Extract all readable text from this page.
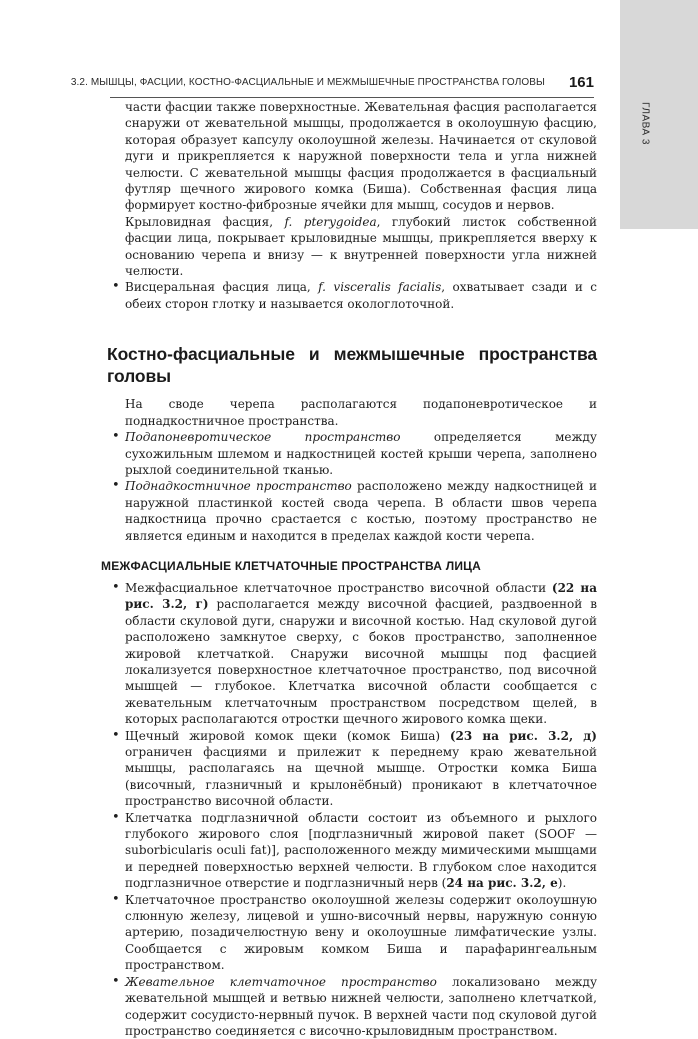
ГЛАВА 3
3.2. МЫШЦЫ, ФАСЦИИ, КОСТНО-ФАСЦИАЛЬНЫЕ И МЕЖМЫШЕЧНЫЕ ПРОСТРАНСТВА ГОЛОВЫ 161

части фасции также поверхностные. Жевательная фасция располагается снаружи от жевательной мышцы, продолжается в околоушную фасцию, которая образует капсулу околоушной железы. Начинается от скуловой дуги и прикрепляется к наружной поверхности тела и угла нижней челюсти. С жевательной мышцы фасция продолжается в фасциальный футляр щечного жирового комка (Биша). Собственная фасция лица формирует костно-фиброзные ячейки для мышц, сосудов и нервов.

Крыловидная фасция, f. pterygoidea, глубокий листок собственной фасции лица, покрывает крыловидные мышцы, прикрепляется вверху к основанию черепа и внизу — к внутренней поверхности угла нижней челюсти.

• Висцеральная фасция лица, f. visceralis facialis, охватывает сзади и с обеих сторон глотку и называется окологлоточной.

Костно-фасциальные и межмышечные пространства головы

На своде черепа располагаются подапоневротическое и поднадкостничное пространства.

• Подапоневротическое пространство определяется между сухожильным шлемом и надкостницей костей крыши черепа, заполнено рыхлой соединительной тканью.

• Поднадкостничное пространство расположено между надкостницей и наружной пластинкой костей свода черепа. В области швов черепа надкостница прочно срастается с костью, поэтому пространство не является единым и находится в пределах каждой кости черепа.

МЕЖФАСЦИАЛЬНЫЕ КЛЕТЧАТОЧНЫЕ ПРОСТРАНСТВА ЛИЦА

• Межфасциальное клетчаточное пространство височной области (22 на рис. 3.2, г) располагается между височной фасцией, раздвоенной в области скуловой дуги, снаружи и височной костью. Над скуловой дугой расположено замкнутое сверху, с боков пространство, заполненное жировой клетчаткой. Снаружи височной мышцы под фасцией локализуется поверхностное клетчаточное пространство, под височной мышцей — глубокое. Клетчатка височной области сообщается с жевательным клетчаточным пространством посредством щелей, в которых располагаются отростки щечного жирового комка щеки.

• Щечный жировой комок щеки (комок Биша) (23 на рис. 3.2, д) ограничен фасциями и прилежит к переднему краю жевательной мышцы, располагаясь на щечной мышце. Отростки комка Биша (височный, глазничный и крылонёбный) проникают в клетчаточное пространство височной области.

• Клетчатка подглазничной области состоит из объемного и рыхлого глубокого жирового слоя [подглазничный жировой пакет (SOOF — suborbicularis oculi fat)], расположенного между мимическими мышцами и передней поверхностью верхней челюсти. В глубоком слое находится подглазничное отверстие и подглазничный нерв (24 на рис. 3.2, е).

• Клетчаточное пространство околоушной железы содержит околоушную слюнную железу, лицевой и ушно-височный нервы, наружную сонную артерию, позадичелюстную вену и околоушные лимфатические узлы. Сообщается с жировым комком Биша и парафарингеальным пространством.

• Жевательное клетчаточное пространство локализовано между жевательной мышцей и ветвью нижней челюсти, заполнено клетчаткой, содержит сосудисто-нервный пучок. В верхней части под скуловой дугой пространство соединяется с височно-крыловидным пространством.
